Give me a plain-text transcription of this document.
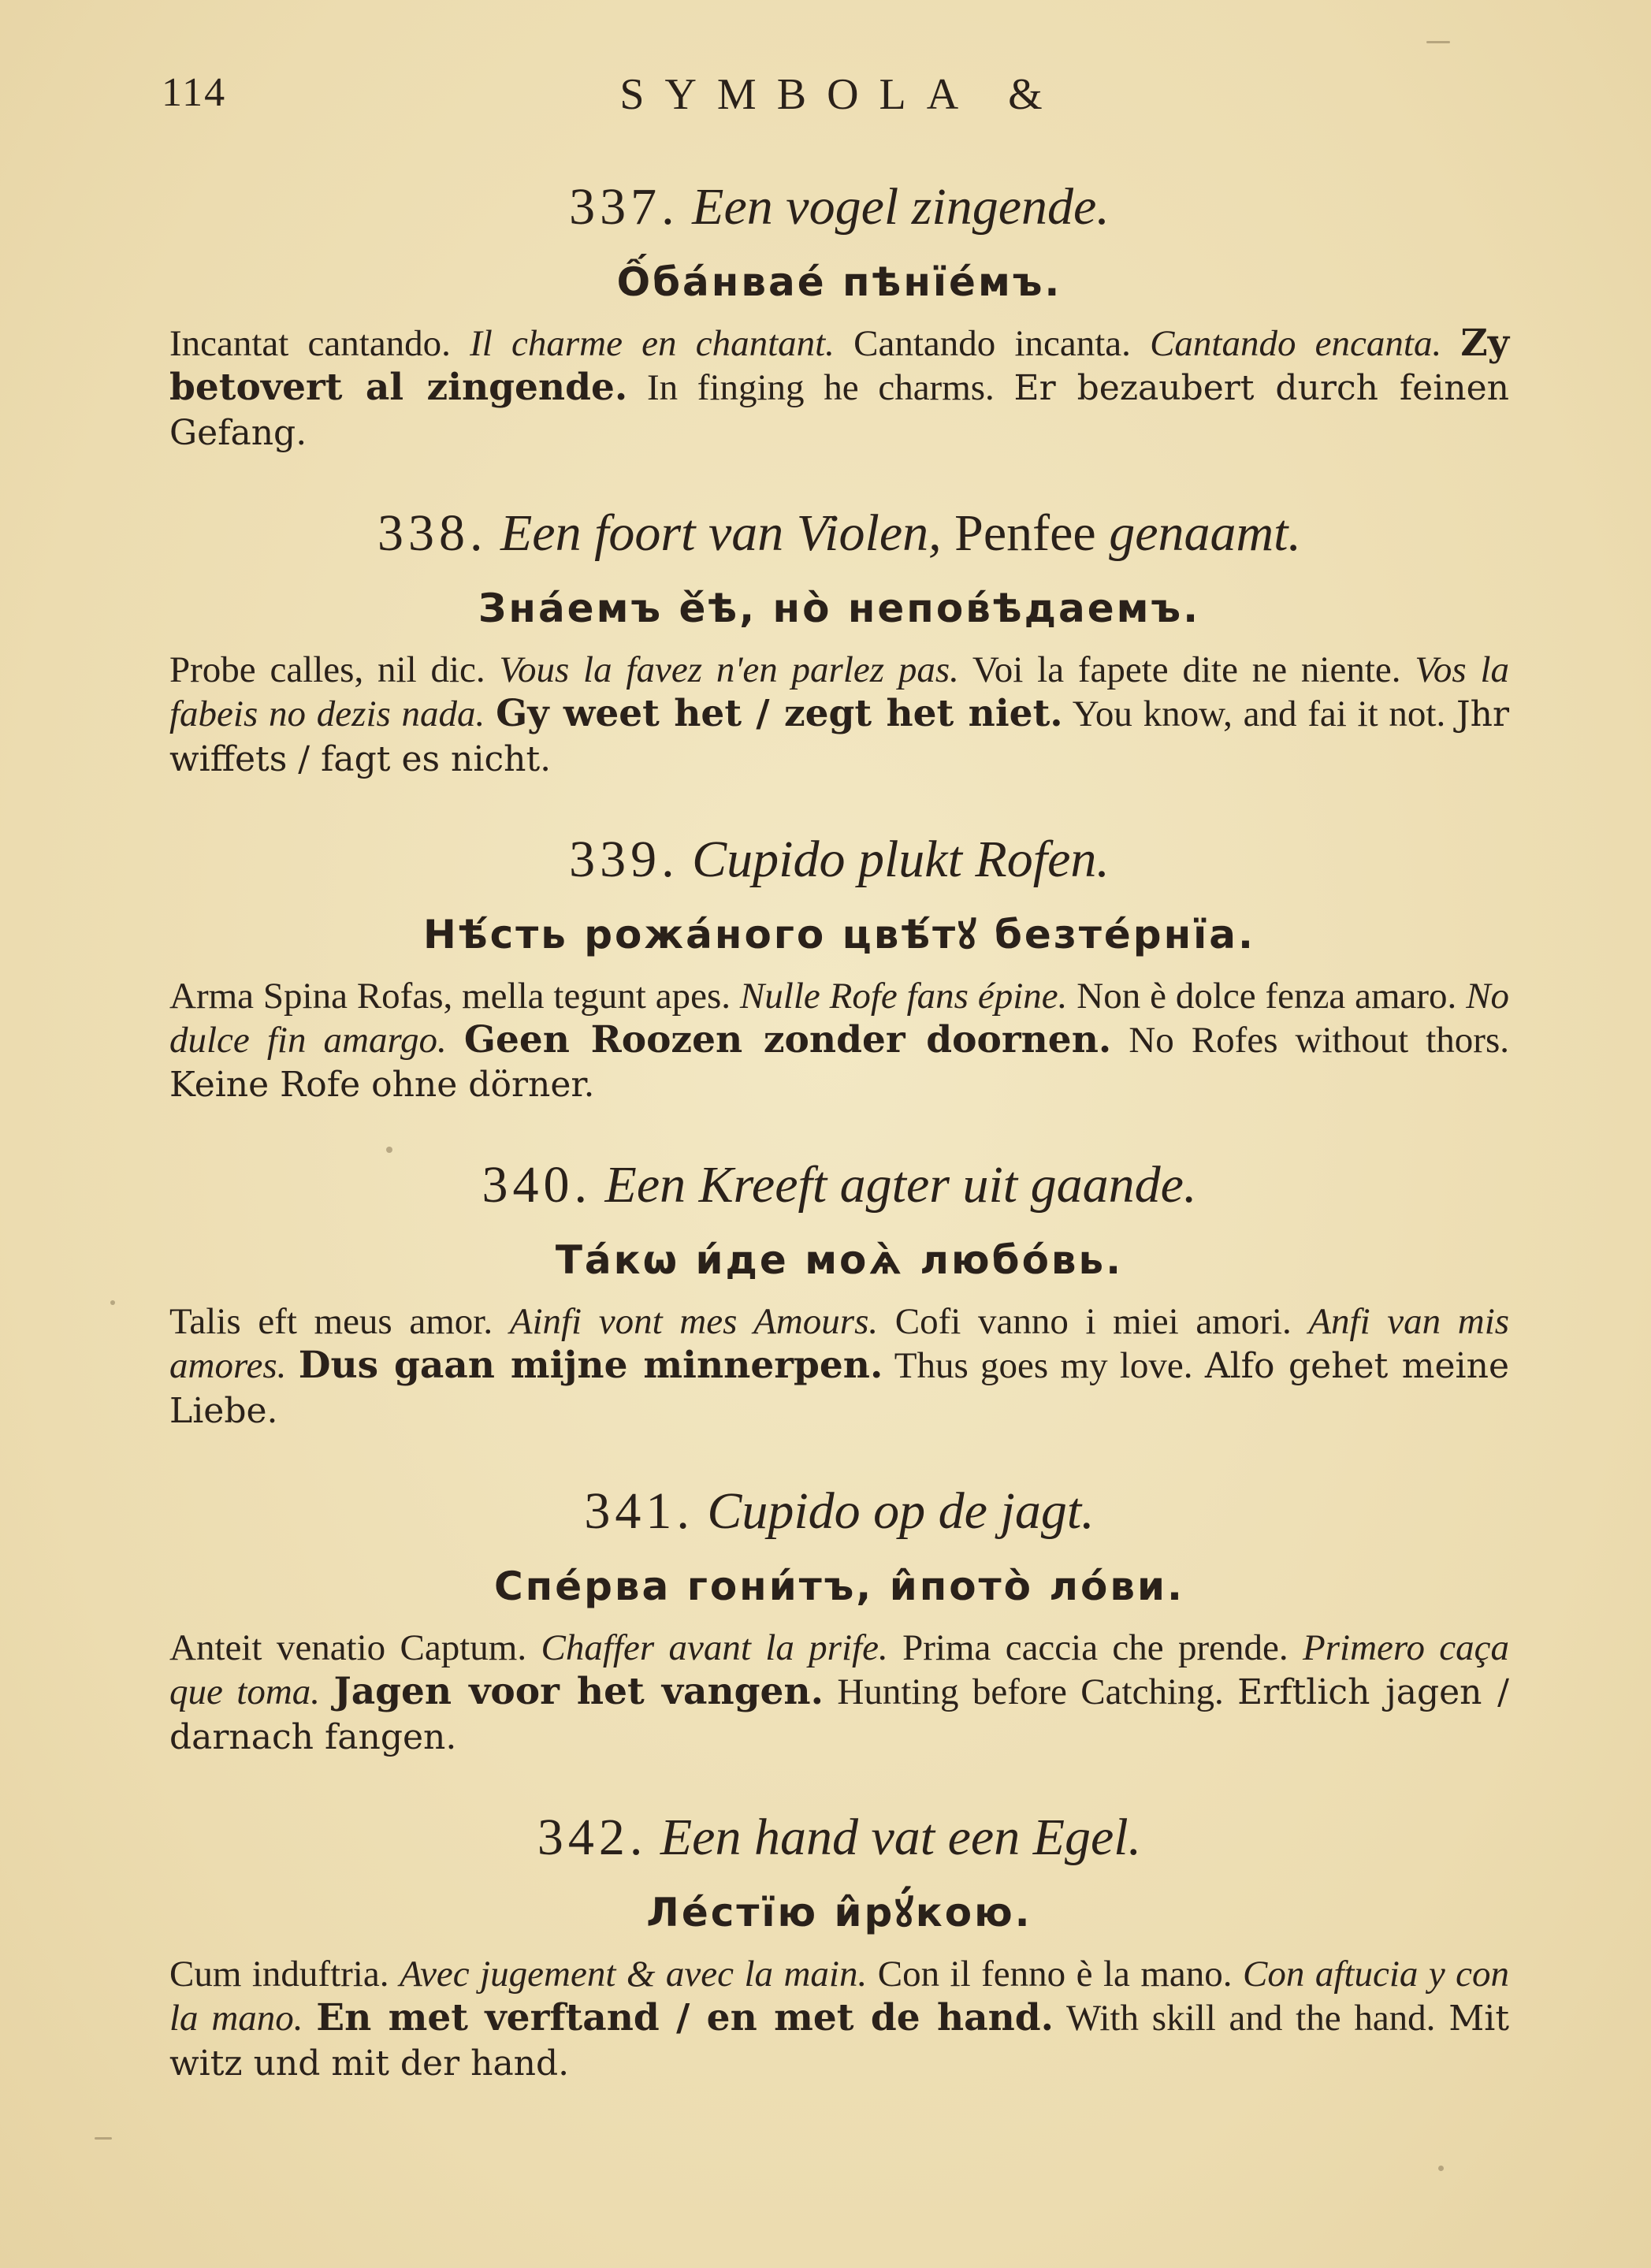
114	SYMBOLA &

337. Een vogel zingende.

Ốбáнвае́ пѣнїе́мъ.

Incantat cantando. Il charme en chantant. Cantando incanta. Cantando encanta. Zy betovert al zingende. In finging he charms. Er bezaubert durch feinen Gefang.

338. Een foort van Violen, Penfee genaamt.

Знáемъ ѐ́ѣ, нò непов́ѣдаемъ.

Probe calles, nil dic. Vous la favez n'en parlez pas. Voi la fapete dite ne niente. Vos la fabeis no dezis nada. Gy weet het / zegt het niet. You know, and fai it not. Jhr wiffets / fagt es nicht.

339. Cupido plukt Rofen.

Нѣ́сть рожáного цвѣ́тꙋ безтéрнїа.

Arma Spina Rofas, mella tegunt apes. Nulle Rofe fans épine. Non è dolce fenza amaro. No dulce fin amargo. Geen Roozen zonder doornen. No Rofes without thors. Keine Rofe ohne dörner.

340. Een Kreeft agter uit gaande.

Тáкѡ и́де моѧ̀ любóвь.

Talis eft meus amor. Ainfi vont mes Amours. Cofi vanno i miei amori. Anfi van mis amores. Dus gaan mijne minnerpen. Thus goes my love. Alfo gehet meine Liebe.

341. Cupido op de jagt.

Спéрва гони́тъ, и̂потò лóви.

Anteit venatio Captum. Chaffer avant la prife. Prima caccia che prende. Primero caça que toma. Jagen voor het vangen. Hunting before Catching. Erftlich jagen / darnach fangen.

342. Een hand vat een Egel.

Лéстїю и̂рꙋ́кою.

Cum induftria. Avec jugement & avec la main. Con il fenno è la mano. Con aftucia y con la mano. En met verftand / en met de hand. With skill and the hand. Mit witz und mit der hand.
